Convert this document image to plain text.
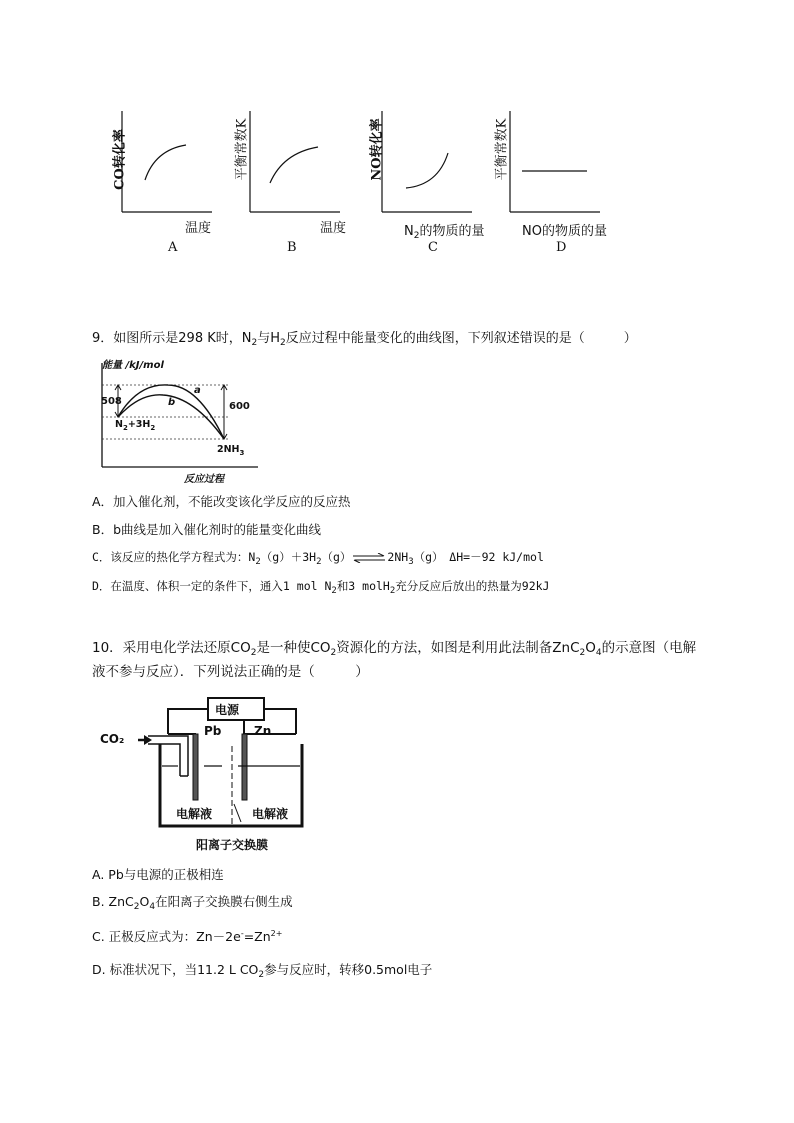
CO转化率
温度
A
平衡常数K
温度
B
NO转化率
$N_2$的物质的量
C
平衡常数K
NO的物质的量
D
9．如图所示是298 K时，$N_2$与$H_2$反应过程中能量变化的曲线图，下列叙述错误的是（　　　）
能量 /kJ/mol
508	600
a
b
$N_2+3H_2$
$2NH_3$
反应过程
A．加入催化剂，不能改变该化学反应的反应热
B．b曲线是加入催化剂时的能量变化曲线
C．该反应的热化学方程式为：$N_2(g)+3H_2(g)$	$2NH_3(g)$　ΔH=－92 kJ/mol
D．在温度、体积一定的条件下，通入1 mol $N_2$和3 molH$_2$充分反应后放出的热量为92kJ
10．采用电化学法还原$CO_2$是一种使$CO_2$资源化的方法，如图是利用此法制备$ZnC_2O_4$的示意图（电解
液不参与反应）．下列说法正确的是（　　　）
电源
Pb	Zn
CO₂
电解液	电解液
阳离子交换膜
A. Pb与电源的正极相连
B. $ZnC_2O_4$在阳离子交换膜右侧生成
C. 正极反应式为：$Zn-2e^-=Zn^{2+}$
D. 标准状况下，当11.2 L $CO_2$参与反应时，转移0.5mol电子
